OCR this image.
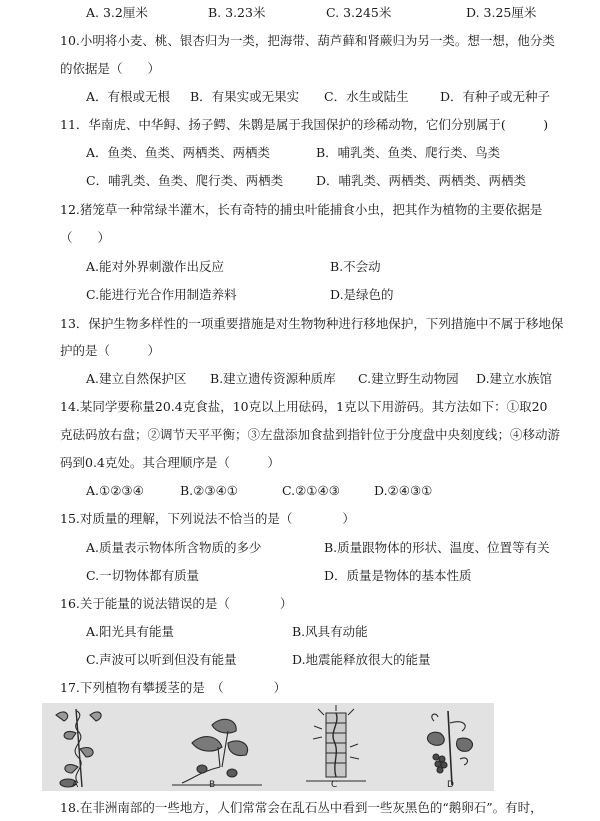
A. 3.2厘米	B. 3.23米	C. 3.245米	D. 3.25厘米
10.小明将小麦、桃、银杏归为一类，把海带、葫芦藓和肾蕨归为另一类。想一想，他分类
的依据是（　　）
A．有根或无根 B．有果实或无果实 C．水生或陆生	D．有种子或无种子
11．华南虎、中华鲟、扬子鳄、朱鹮是属于我国保护的珍稀动物，它们分别属于(　　　)
A．鱼类、鱼类、两栖类、两栖类	B．哺乳类、鱼类、爬行类、鸟类
C．哺乳类、鱼类、爬行类、两栖类	D．哺乳类、两栖类、两栖类、两栖类
12.猪笼草一种常绿半灌木，长有奇特的捕虫叶能捕食小虫，把其作为植物的主要依据是
（　　）
A.能对外界刺激作出反应	B.不会动
C.能进行光合作用制造养料	D.是绿色的
13．保护生物多样性的一项重要措施是对生物物种进行移地保护，下列措施中不属于移地保
护的是（　　　）
A.建立自然保护区 B.建立遗传资源种质库 C.建立野生动物园 D.建立水族馆
14.某同学要称量20.4克食盐，10克以上用砝码，1克以下用游码。其方法如下：①取20
克砝码放右盘；②调节天平平衡；③左盘添加食盐到指针位于分度盘中央刻度线；④移动游
码到0.4克处。其合理顺序是（　　　）
A.①②③④	B.②③④①	C.②①④③	D.②④③①
15.对质量的理解，下列说法不恰当的是（　　　　）
A.质量表示物体所含物质的多少	B.质量跟物体的形状、温度、位置等有关
C.一切物体都有质量	D．质量是物体的基本性质
16.关于能量的说法错误的是（　　　　）
A.阳光具有能量	B.风具有动能
C.声波可以听到但没有能量	D.地震能释放很大的能量
17.下列植物有攀援茎的是　（　　　　）
A	B	C	D
18.在非洲南部的一些地方，人们常常会在乱石丛中看到一些灰黑色的“鹅卵石”。有时，
